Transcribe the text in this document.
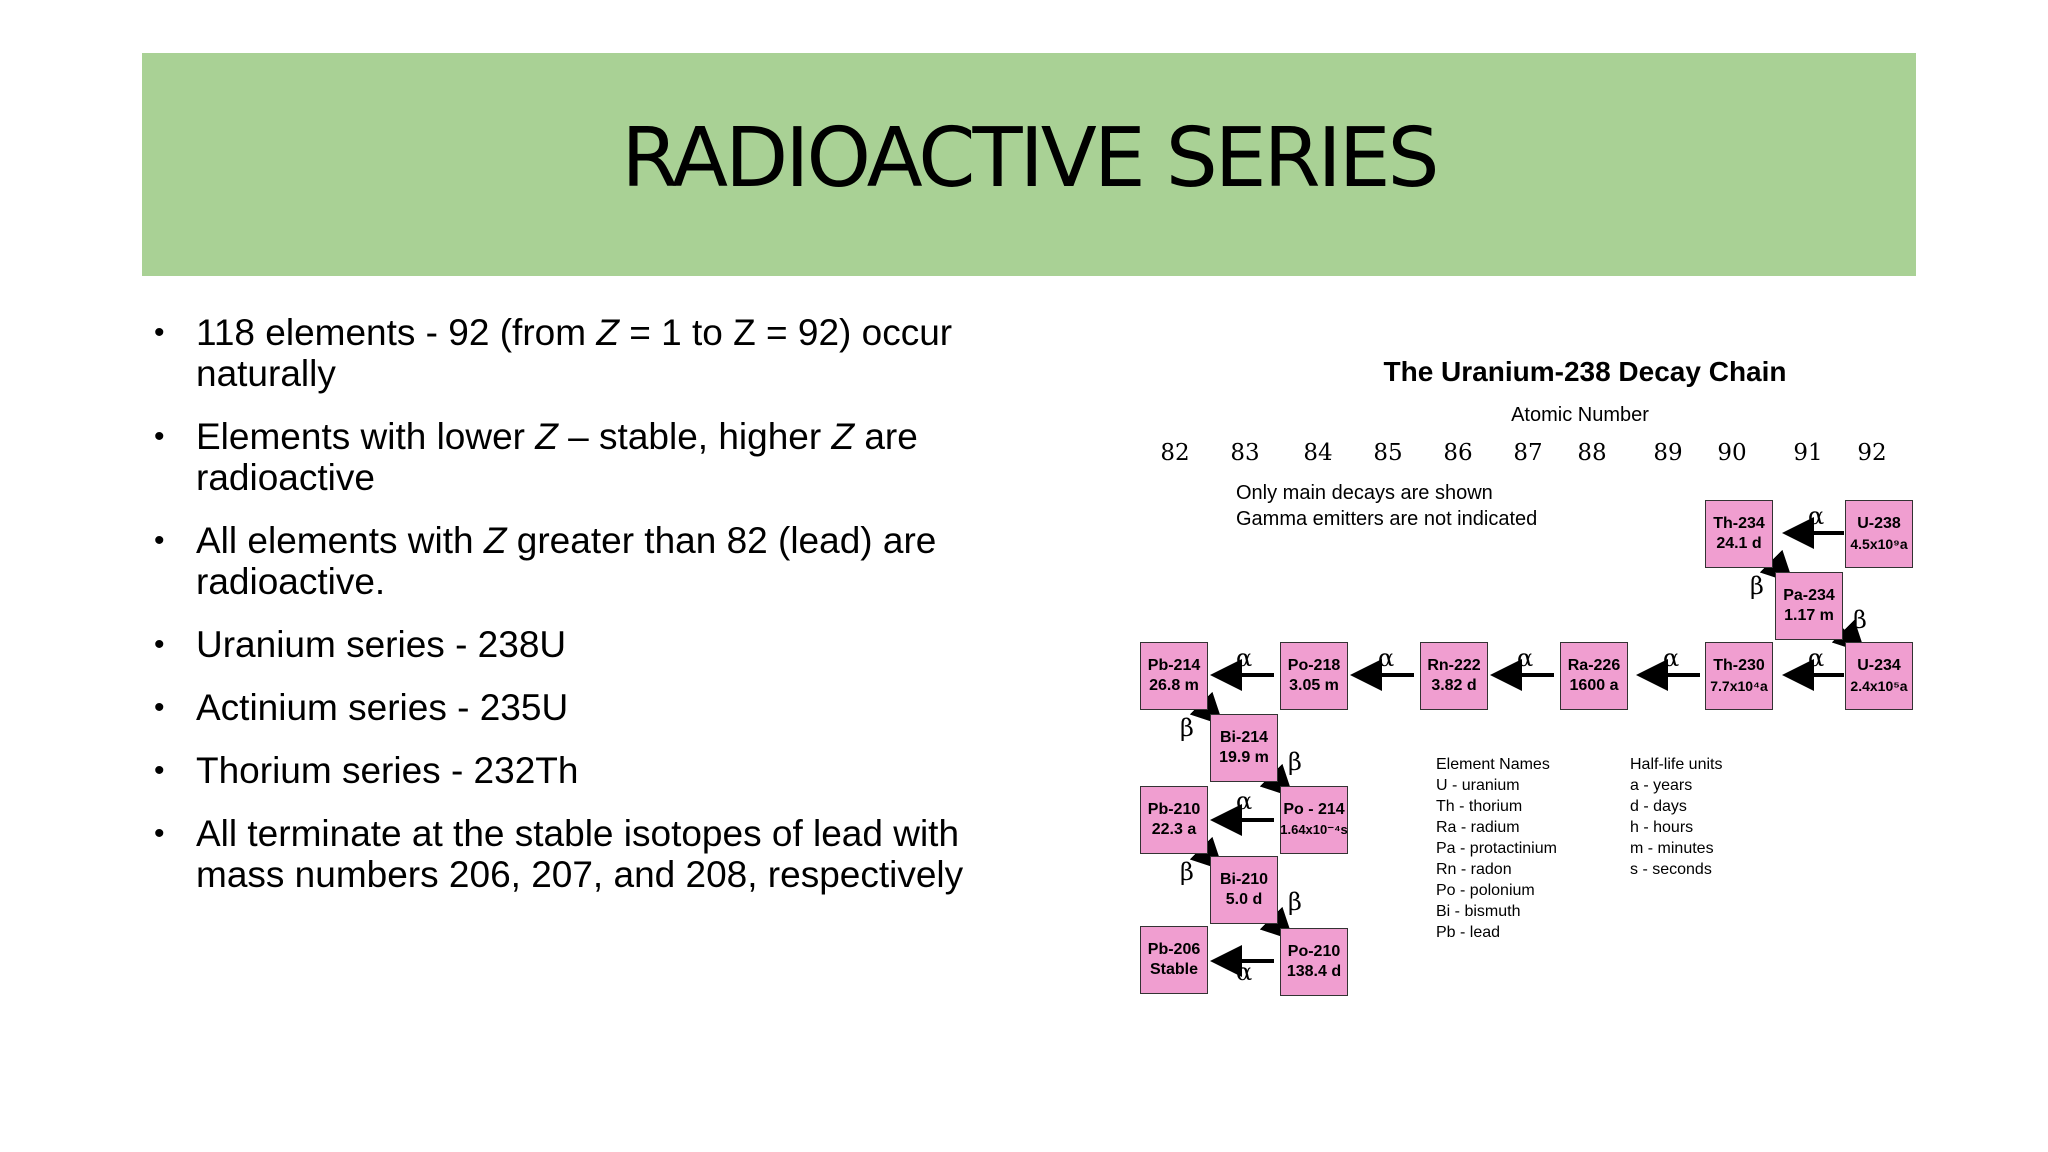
RADIOACTIVE SERIES
• 118 elements - 92 (from Z = 1 to Z = 92) occur naturally
• Elements with lower Z – stable, higher Z are radioactive
• All elements with Z greater than 82 (lead) are radioactive.
• Uranium series - 238U
• Actinium series - 235U
• Thorium series - 232Th
• All terminate at the stable isotopes of lead with mass numbers 206, 207, and 208, respectively
The Uranium-238 Decay Chain
Atomic Number
82 83 84 85 86 87 88 89 90 91 92
Only main decays are shown
Gamma emitters are not indicated	U-238
4.5x10⁹a
Th-234
24.1 d
Pa-234
1.17 m
U-234
2.4x10⁵a
Th-230
7.7x10⁴a
Ra-226
1600 a
Rn-222
3.82 d
Po-218
3.05 m
Pb-214
26.8 m
Bi-214
19.9 m
Po - 214
1.64x10⁻⁴s
Pb-210
22.3 a
Bi-210
5.0 d
Po-210
138.4 d
Pb-206
Stable
α
α
α
α
α
α
α
α
β
β
β
β
β
β
Element Names
U - uranium
Th - thorium
Ra - radium
Pa - protactinium
Rn - radon
Po - polonium
Bi - bismuth
Pb - lead
Half-life units
a - years
d - days
h - hours
m - minutes
s - seconds
